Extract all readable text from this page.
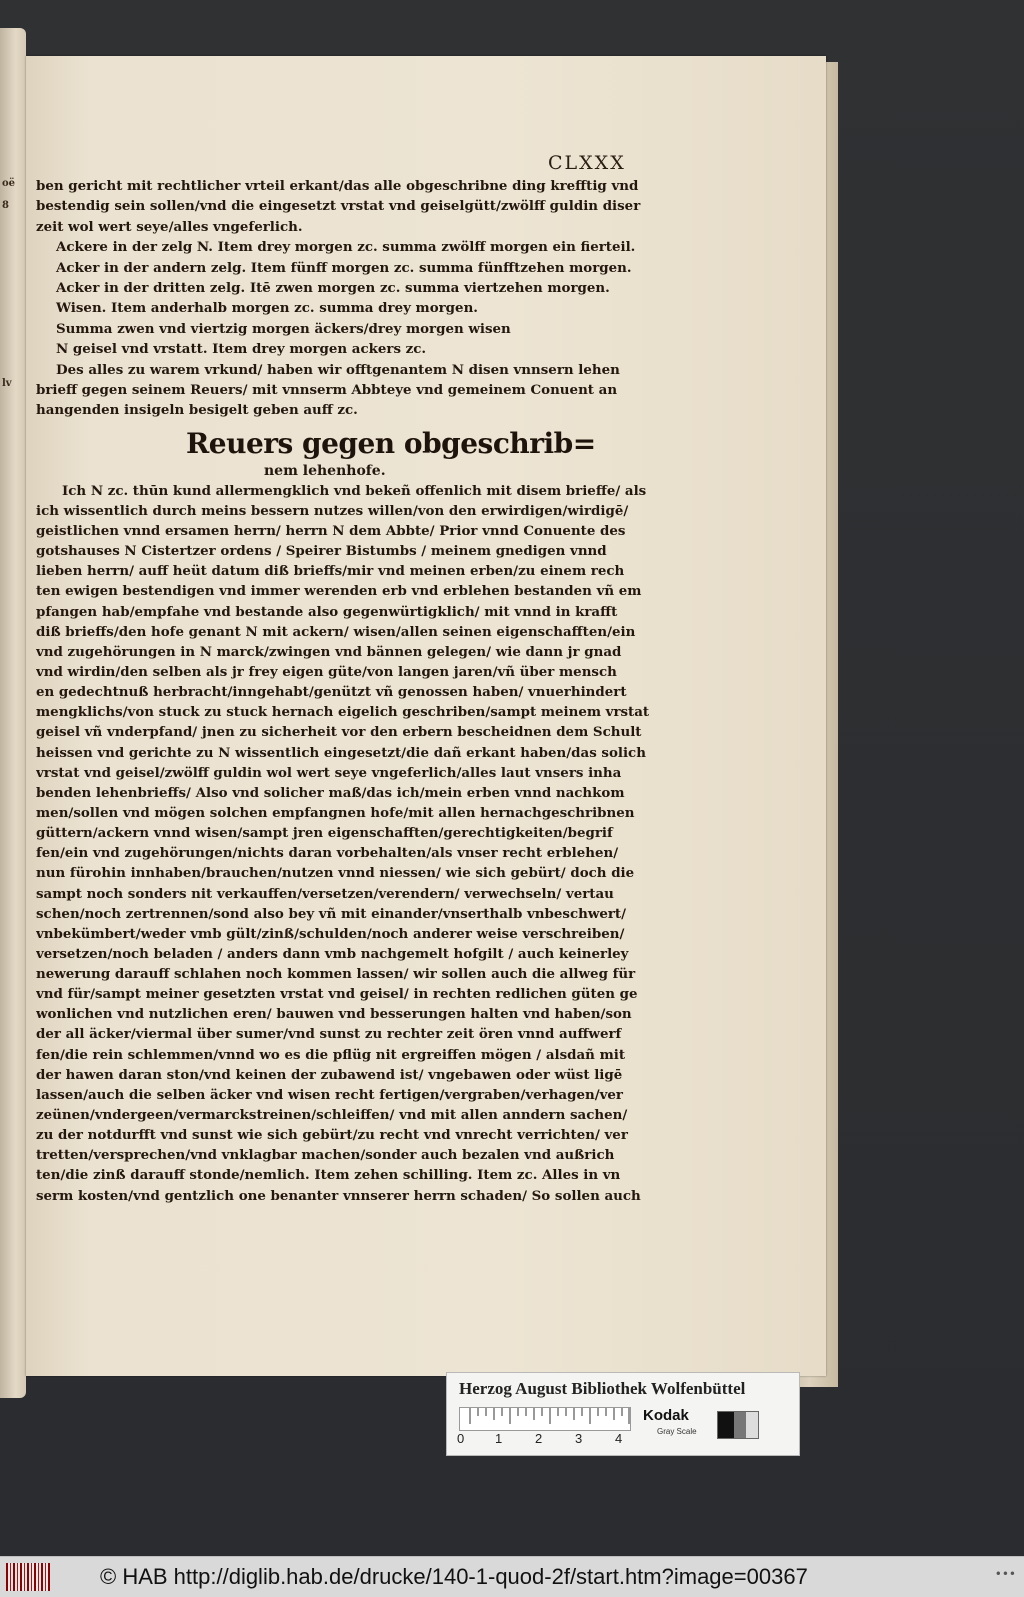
oë
8
lv
CLXXX
ben gericht mit rechtlicher vrteil erkant/das alle obgeschribne ding krefftig vnd
bestendig sein sollen/vnd die eingesetzt vrstat vnd geiselgütt/zwölff guldin diser
zeit wol wert seye/alles vngeferlich.
Ackere in der zelg N. Item drey morgen zc. summa zwölff morgen ein fierteil.
Acker in der andern zelg. Item fünff morgen zc. summa fünfftzehen morgen.
Acker in der dritten zelg. Itē zwen morgen zc. summa viertzehen morgen.
Wisen. Item anderhalb morgen zc. summa drey morgen.
Summa zwen vnd viertzig morgen äckers/drey morgen wisen
N geisel vnd vrstatt. Item drey morgen ackers zc.
Des alles zu warem vrkund/ haben wir offtgenantem N disen vnnsern lehen
brieff gegen seinem Reuers/ mit vnnserm Abbteye vnd gemeinem Conuent an
hangenden insigeln besigelt geben auff zc.
Reuers gegen obgeschrib=
nem lehenhofe.
Ich N zc. thūn kund allermengklich vnd bekeñ offenlich mit disem brieffe/ als
ich wissentlich durch meins bessern nutzes willen/von den erwirdigen/wirdigē/
geistlichen vnnd ersamen herrn/ herrn N dem Abbte/ Prior vnnd Conuente des
gotshauses N Cistertzer ordens / Speirer Bistumbs / meinem gnedigen vnnd
lieben herrn/ auff heüt datum diß brieffs/mir vnd meinen erben/zu einem rech
ten ewigen bestendigen vnd immer werenden erb vnd erblehen bestanden vñ em
pfangen hab/empfahe vnd bestande also gegenwürtigklich/ mit vnnd in krafft
diß brieffs/den hofe genant N mit ackern/ wisen/allen seinen eigenschafften/ein
vnd zugehörungen in N marck/zwingen vnd bännen gelegen/ wie dann jr gnad
vnd wirdin/den selben als jr frey eigen güte/von langen jaren/vñ über mensch
en gedechtnuß herbracht/inngehabt/genützt vñ genossen haben/ vnuerhindert
mengklichs/von stuck zu stuck hernach eigelich geschriben/sampt meinem vrstat
geisel vñ vnderpfand/ jnen zu sicherheit vor den erbern bescheidnen dem Schult
heissen vnd gerichte zu N wissentlich eingesetzt/die dañ erkant haben/das solich
vrstat vnd geisel/zwölff guldin wol wert seye vngeferlich/alles laut vnsers inha
benden lehenbrieffs/ Also vnd solicher maß/das ich/mein erben vnnd nachkom
men/sollen vnd mögen solchen empfangnen hofe/mit allen hernachgeschribnen
güttern/ackern vnnd wisen/sampt jren eigenschafften/gerechtigkeiten/begrif
fen/ein vnd zugehörungen/nichts daran vorbehalten/als vnser recht erblehen/
nun fürohin innhaben/brauchen/nutzen vnnd niessen/ wie sich gebürt/ doch die
sampt noch sonders nit verkauffen/versetzen/verendern/ verwechseln/ vertau
schen/noch zertrennen/sond also bey vñ mit einander/vnserthalb vnbeschwert/
vnbekümbert/weder vmb gült/zinß/schulden/noch anderer weise verschreiben/
versetzen/noch beladen / anders dann vmb nachgemelt hofgilt / auch keinerley
newerung darauff schlahen noch kommen lassen/ wir sollen auch die allweg für
vnd für/sampt meiner gesetzten vrstat vnd geisel/ in rechten redlichen güten ge
wonlichen vnd nutzlichen eren/ bauwen vnd besserungen halten vnd haben/son
der all äcker/viermal über sumer/vnd sunst zu rechter zeit ören vnnd auffwerf
fen/die rein schlemmen/vnnd wo es die pflüg nit ergreiffen mögen / alsdañ mit
der hawen daran ston/vnd keinen der zubawend ist/ vngebawen oder wüst ligē
lassen/auch die selben äcker vnd wisen recht fertigen/vergraben/verhagen/ver
zeünen/vndergeen/vermarckstreinen/schleiffen/ vnd mit allen anndern sachen/
zu der notdurfft vnd sunst wie sich gebürt/zu recht vnd vnrecht verrichten/ ver
tretten/verspre​chen/vnd vnklagbar machen/sonder auch bezalen vnd außrich
ten/die zinß darauff stonde/nemlich. Item zehen schilling. Item zc. Alles in vn
serm kosten/vnd gentzlich one benanter vnnserer herrn schaden/ So sollen auch
Herzog August Bibliothek Wolfenbüttel
0 1	2	3	4
Kodak
Gray Scale
© HAB http://diglib.hab.de/drucke/140-1-quod-2f/start.htm?image=00367	•••
